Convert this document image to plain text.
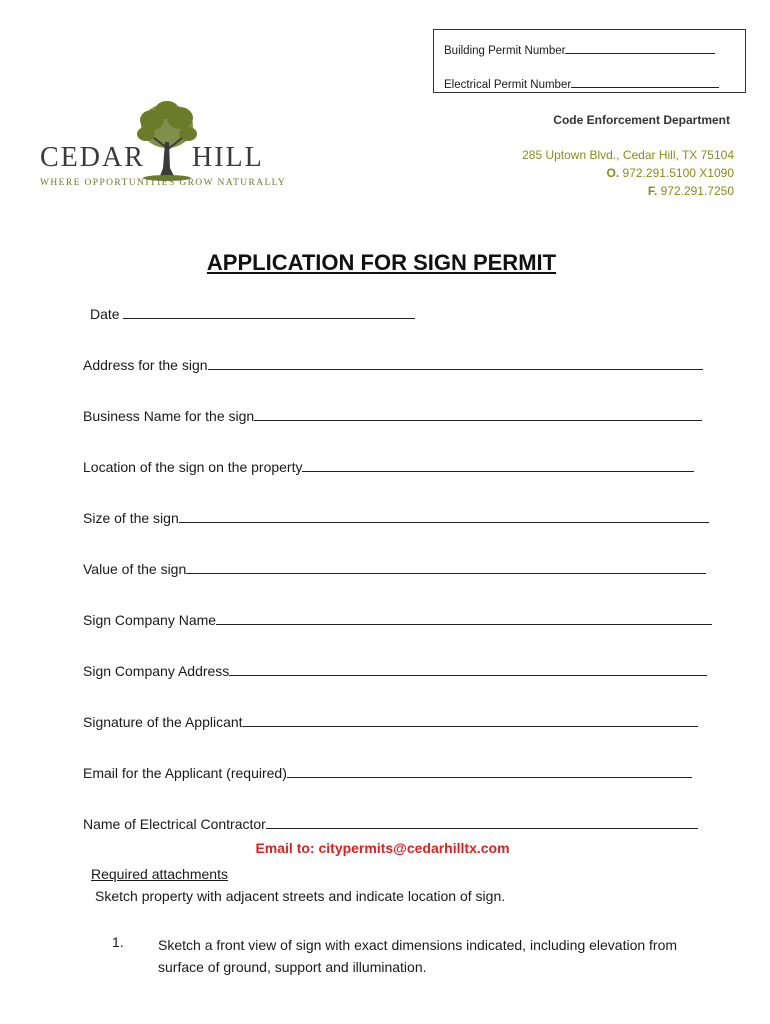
Building Permit Number
Electrical Permit Number
CEDAR HILL
WHERE OPPORTUNITIES GROW NATURALLY
Code Enforcement Department
285 Uptown Blvd., Cedar Hill, TX 75104
O. 972.291.5100 X1090
F. 972.291.7250
APPLICATION FOR SIGN PERMIT
Date
Address for the sign
Business Name for the sign
Location of the sign on the property
Size of the sign
Value of the sign
Sign Company Name
Sign Company Address
Signature of the Applicant
Email for the Applicant (required)
Name of Electrical Contractor
Email to: citypermits@cedarhilltx.com
Required attachments
Sketch property with adjacent streets and indicate location of sign.
1. Sketch a front view of sign with exact dimensions indicated, including elevation from surface of ground, support and illumination.
